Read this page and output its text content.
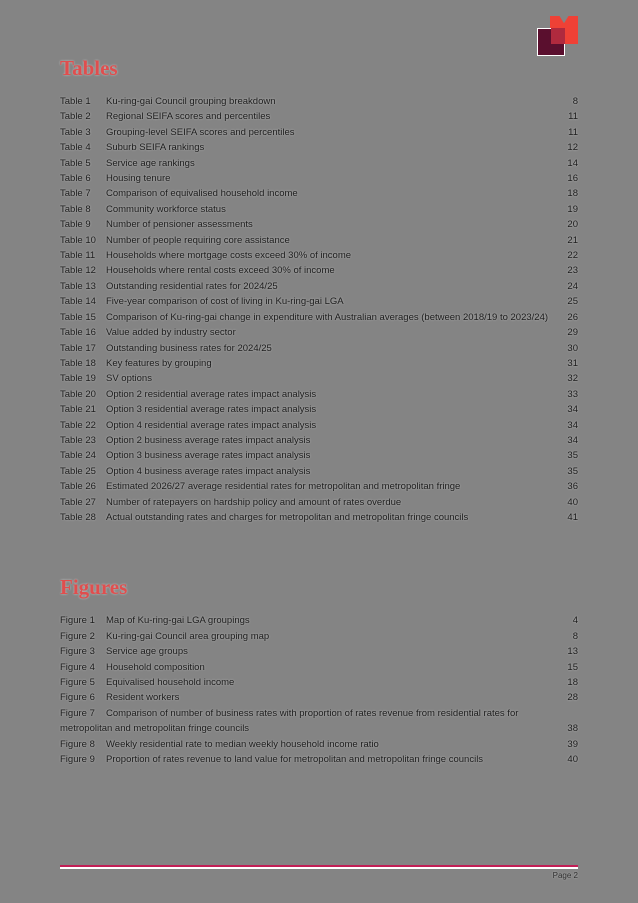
Tables
Table 1 Ku-ring-gai Council grouping breakdown	8
Table 2 Regional SEIFA scores and percentiles	11
Table 3 Grouping-level SEIFA scores and percentiles	11
Table 4 Suburb SEIFA rankings	12
Table 5 Service age rankings	14
Table 6 Housing tenure	16
Table 7 Comparison of equivalised household income	18
Table 8 Community workforce status	19
Table 9 Number of pensioner assessments	20
Table 10 Number of people requiring core assistance	21
Table 11 Households where mortgage costs exceed 30% of income	22
Table 12 Households where rental costs exceed 30% of income	23
Table 13 Outstanding residential rates for 2024/25	24
Table 14 Five-year comparison of cost of living in Ku-ring-gai LGA	25
Table 15 Comparison of Ku-ring-gai change in expenditure with Australian averages (between 2018/19 to 2023/24)	26
Table 16 Value added by industry sector	29
Table 17 Outstanding business rates for 2024/25	30
Table 18 Key features by grouping	31
Table 19 SV options	32
Table 20 Option 2 residential average rates impact analysis	33
Table 21 Option 3 residential average rates impact analysis	34
Table 22 Option 4 residential average rates impact analysis	34
Table 23 Option 2 business average rates impact analysis	34
Table 24 Option 3 business average rates impact analysis	35
Table 25 Option 4 business average rates impact analysis	35
Table 26 Estimated 2026/27 average residential rates for metropolitan and metropolitan fringe	36
Table 27 Number of ratepayers on hardship policy and amount of rates overdue	40
Table 28 Actual outstanding rates and charges for metropolitan and metropolitan fringe councils	41
Figures
Figure 1 Map of Ku-ring-gai LGA groupings	4
Figure 2 Ku-ring-gai Council area grouping map	8
Figure 3 Service age groups	13
Figure 4 Household composition	15
Figure 5 Equivalised household income	18
Figure 6 Resident workers	28
Figure 7 Comparison of number of business rates with proportion of rates revenue from residential rates for metropolitan and metropolitan fringe councils	38
Figure 8 Weekly residential rate to median weekly household income ratio	39
Figure 9 Proportion of rates revenue to land value for metropolitan and metropolitan fringe councils	40
Page 2
